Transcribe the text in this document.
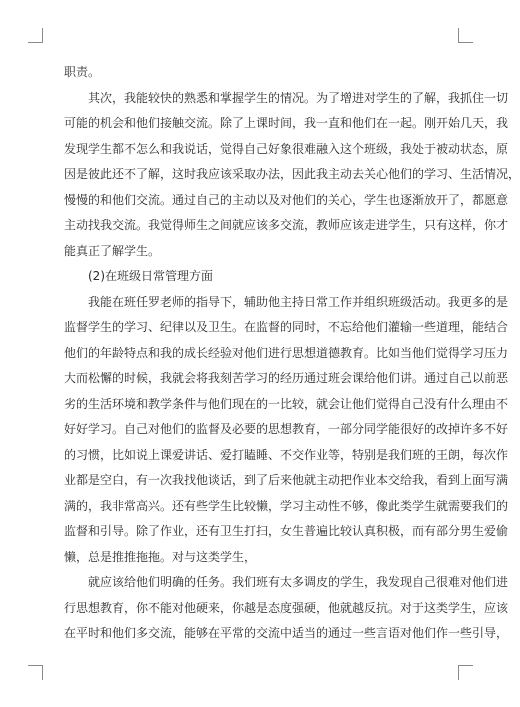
职责。
其次，我能较快的熟悉和掌握学生的情况。为了增进对学生的了解，我抓住一切
可能的机会和他们接触交流。除了上课时间，我一直和他们在一起。刚开始几天，我
发现学生都不怎么和我说话，觉得自己好象很难融入这个班级，我处于被动状态，原
因是彼此还不了解，这时我应该采取办法，因此我主动去关心他们的学习、生活情况，
慢慢的和他们交流。通过自己的主动以及对他们的关心，学生也逐渐放开了，都愿意
主动找我交流。我觉得师生之间就应该多交流，教师应该走进学生，只有这样，你才
能真正了解学生。
(2)在班级日常管理方面
我能在班任罗老师的指导下，辅助他主持日常工作并组织班级活动。我更多的是
监督学生的学习、纪律以及卫生。在监督的同时，不忘给他们灌输一些道理，能结合
他们的年龄特点和我的成长经验对他们进行思想道德教育。比如当他们觉得学习压力
大而松懈的时候，我就会将我刻苦学习的经历通过班会课给他们讲。通过自己以前恶
劣的生活环境和教学条件与他们现在的一比较，就会让他们觉得自己没有什么理由不
好好学习。自己对他们的监督及必要的思想教育，一部分同学能很好的改掉许多不好
的习惯，比如说上课爱讲话、爱打瞌睡、不交作业等，特别是我们班的王朗，每次作
业都是空白，有一次我找他谈话，到了后来他就主动把作业本交给我，看到上面写满
满的，我非常高兴。还有些学生比较懒，学习主动性不够，像此类学生就需要我们的
监督和引导。除了作业，还有卫生打扫，女生普遍比较认真积极，而有部分男生爱偷
懒，总是推推拖拖。对与这类学生，
就应该给他们明确的任务。我们班有太多调皮的学生，我发现自己很难对他们进
行思想教育，你不能对他硬来，你越是态度强硬，他就越反抗。对于这类学生，应该
在平时和他们多交流，能够在平常的交流中适当的通过一些言语对他们作一些引导，
